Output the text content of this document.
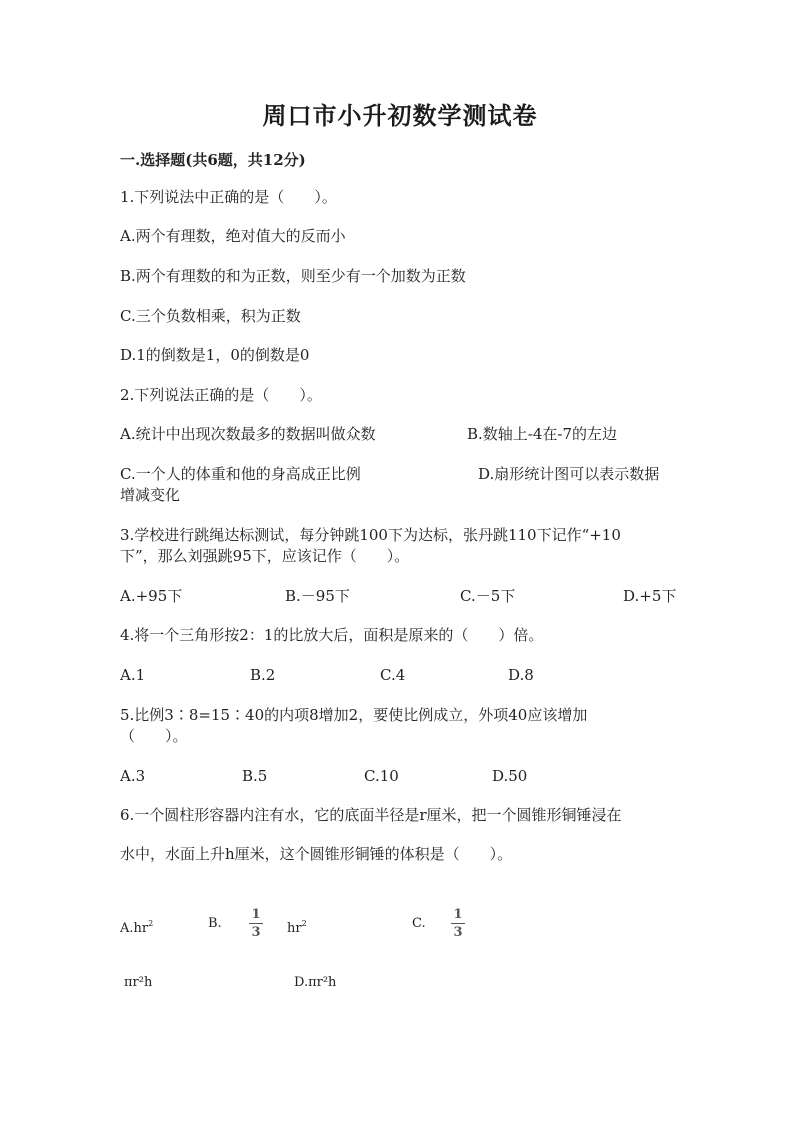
周口市小升初数学测试卷
一.选择题(共6题，共12分)
1.下列说法中正确的是（　　）。
A.两个有理数，绝对值大的反而小
B.两个有理数的和为正数，则至少有一个加数为正数
C.三个负数相乘，积为正数
D.1的倒数是1，0的倒数是0
2.下列说法正确的是（　　）。
A.统计中出现次数最多的数据叫做众数	B.数轴上-4在-7的左边
C.一个人的体重和他的身高成正比例	D.扇形统计图可以表示数据
增减变化
3.学校进行跳绳达标测试，每分钟跳100下为达标，张丹跳110下记作“+10
下”，那么刘强跳95下，应该记作（　　）。
A.+95下	B.－95下	C.－5下	D.+5下
4.将一个三角形按2：1的比放大后，面积是原来的（　　）倍。
A.1	B.2	C.4	D.8
5.比例3∶8=15∶40的内项8增加2，要使比例成立，外项40应该增加
（　　）。
A.3	B.5	C.10	D.50
6.一个圆柱形容器内注有水，它的底面半径是r厘米，把一个圆锥形铜锤浸在
水中，水面上升h厘米，这个圆锥形铜锤的体积是（　　）。
$A.hr^2$	B.
1
3 $hr^2$	C.
1
3
πr²h	D.πr²h
